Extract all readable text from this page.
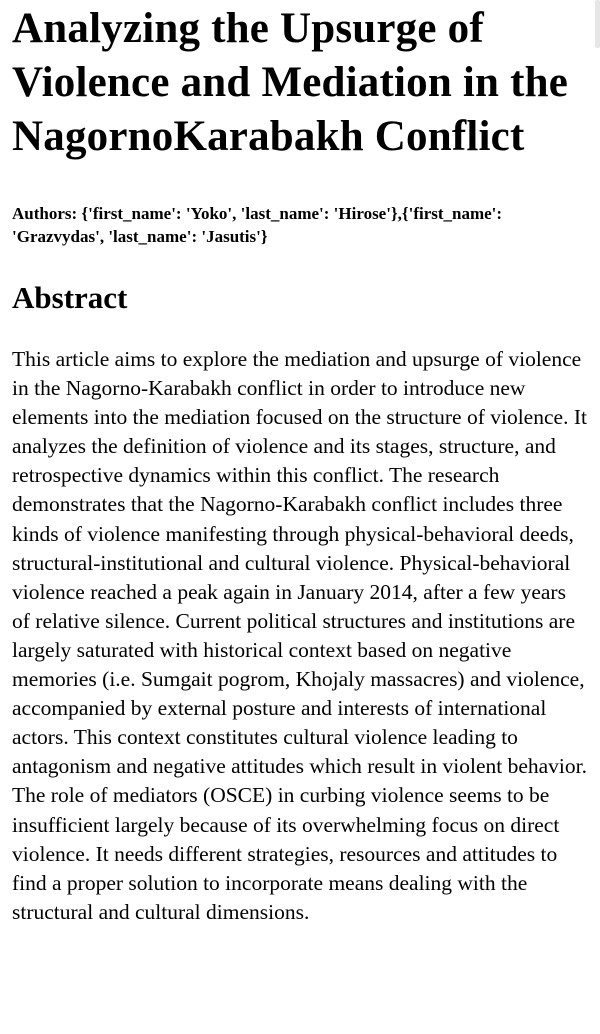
Analyzing the Upsurge of Violence and Mediation in the NagornoKarabakh Conflict

Authors: {'first_name': 'Yoko', 'last_name': 'Hirose'},{'first_name': 'Grazvydas', 'last_name': 'Jasutis'}

Abstract

This article aims to explore the mediation and upsurge of violence in the Nagorno-Karabakh conflict in order to introduce new elements into the mediation focused on the structure of violence. It analyzes the definition of violence and its stages, structure, and retrospective dynamics within this conflict. The research demonstrates that the Nagorno-Karabakh conflict includes three kinds of violence manifesting through physical-behavioral deeds, structural-institutional and cultural violence. Physical-behavioral violence reached a peak again in January 2014, after a few years of relative silence. Current political structures and institutions are largely saturated with historical context based on negative memories (i.e. Sumgait pogrom, Khojaly massacres) and violence, accompanied by external posture and interests of international actors. This context constitutes cultural violence leading to antagonism and negative attitudes which result in violent behavior. The role of mediators (OSCE) in curbing violence seems to be insufficient largely because of its overwhelming focus on direct violence. It needs different strategies, resources and attitudes to find a proper solution to incorporate means dealing with the structural and cultural dimensions.
